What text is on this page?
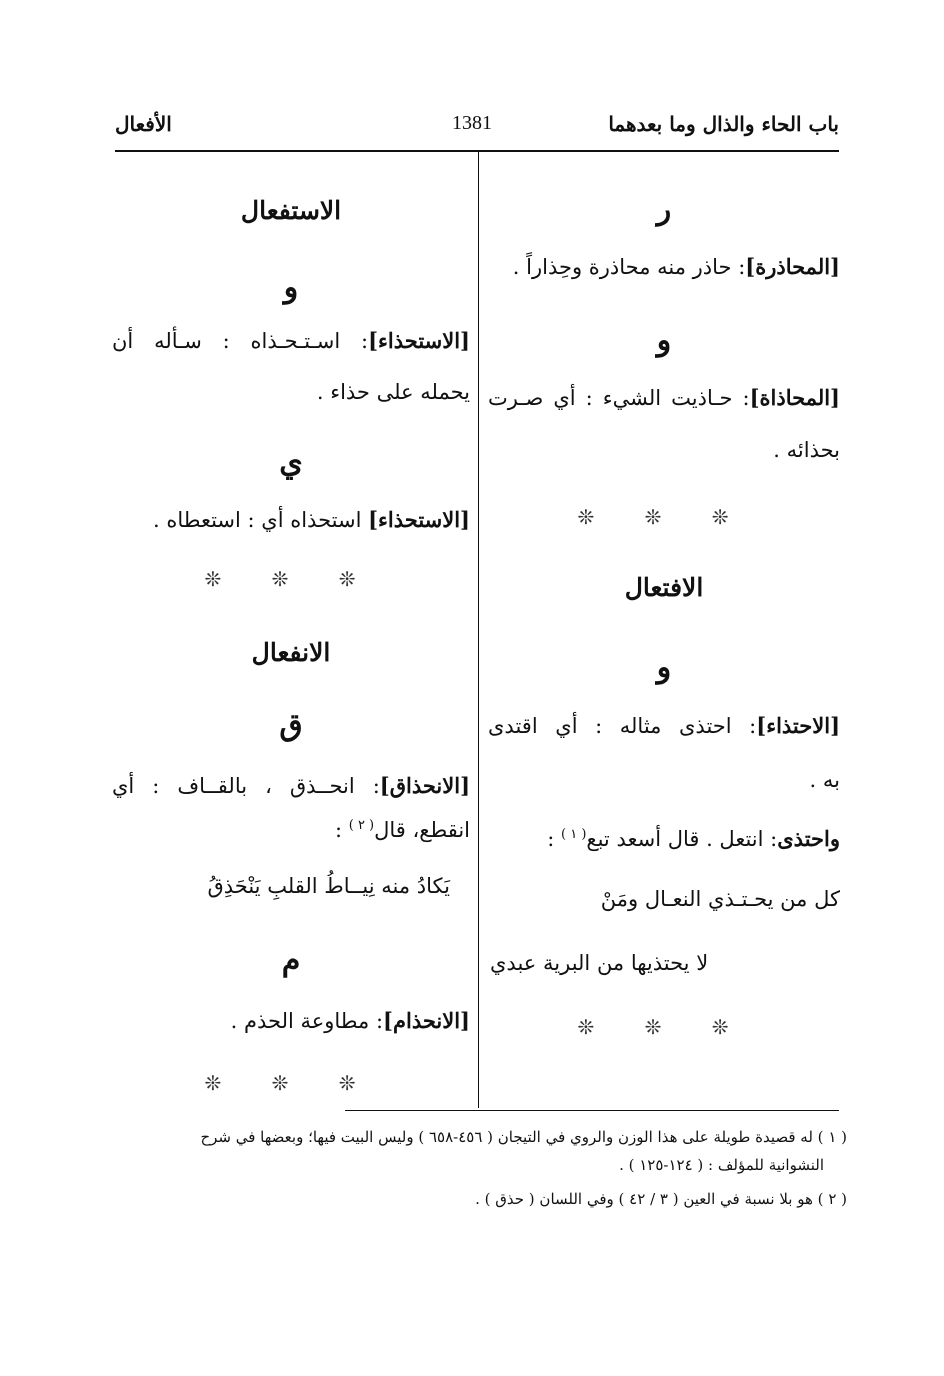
باب الحاء والذال وما بعدهما
1381
الأفعال
ر
[المحاذرة]: حاذر منه محاذرة وحِذاراً .
و
[المحاذاة]: حـاذيت الشيء : أي صـرت
بحذائه .
❊ ❊ ❊
الافتعال
و
[الاحتذاء]: احتذى مثاله : أي اقتدى
به .
واحتذى: انتعل . قال أسعد تبع$^{( ١ )}$ :
كل من يحـتـذي النعـال ومَنْ
لا يحتذيها من البرية عبدي
❊ ❊ ❊
الاستفعال
و
[الاستحذاء]: اسـتـحـذاه : سـأله أن
يحمله على حذاء .
ي
[الاستحذاء] استحذاه أي : استعطاه .
❊ ❊ ❊
الانفعال
ق
[الانحذاق]: انحــذق ، بالقــاف : أي
انقطع، قال$^{( ٢ )}$ :
يَكادُ منه نِيــاطُ القلبِ يَنْحَذِقُ
م
[الانحذام]: مطاوعة الحذم .
❊ ❊ ❊
( ١ ) له قصيدة طويلة على هذا الوزن والروي في التيجان ( ٤٥٦-٦٥٨ ) وليس البيت فيها؛ وبعضها في شرح
النشوانية للمؤلف : ( ١٢٤-١٢٥ ) .
( ٢ ) هو بلا نسبة في العين ( ٣ / ٤٢ ) وفي اللسان ( حذق ) .
